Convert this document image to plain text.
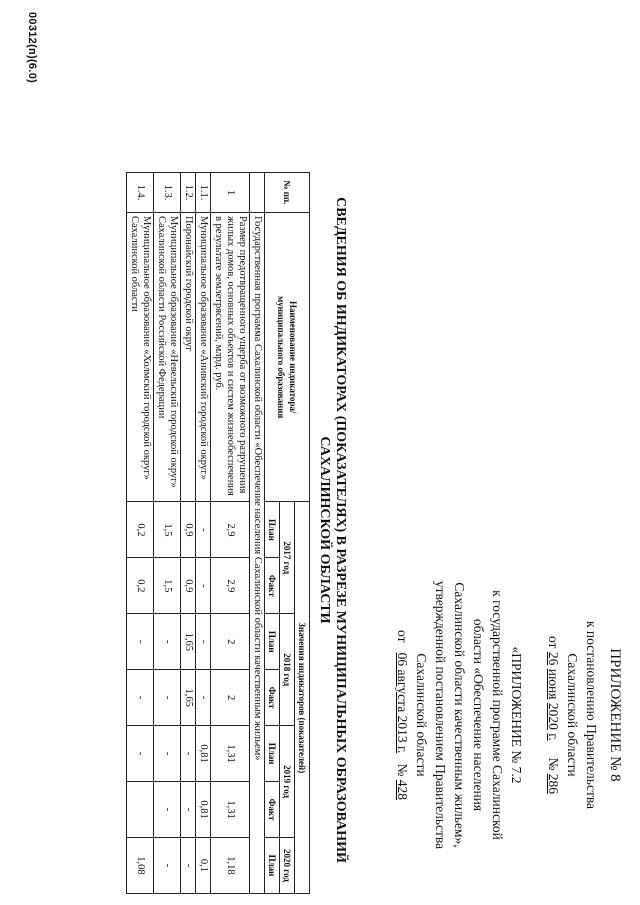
ПРИЛОЖЕНИЕ № 8
к постановлению Правительства
Сахалинской области
от 26 июня 2020 г.     № 286
«ПРИЛОЖЕНИЕ № 7.2
к государственной программе Сахалинской
области «Обеспечение населения
Сахалинской области качественным жильем»,
утвержденной постановлением Правительства
Сахалинской области
от   06 августа 2013 г.   № 428
СВЕДЕНИЯ ОБ ИНДИКАТОРАХ (ПОКАЗАТЕЛЯХ) В РАЗРЕЗЕ МУНИЦИПАЛЬНЫХ ОБРАЗОВАНИЙ САХАЛИНСКОЙ ОБЛАСТИ
№ пп.	Наименование индикатора/
муниципального образования	Значения индикаторов (показателей)						
		2017 год		2018 год		2019 год		2020 год
		План	Факт	План	Факт	План	Факт	План
	Государственная программа Сахалинской области «Обеспечение населения Сахалинской области качественным жильем»							
1	Размер предотвращенного ущерба от возможного разрушения жилых домов, основных объектов и систем жизнеобеспечения в результате землетрясений, млрд. руб.	2,9	2,9	2	2	1,31	1,31	1,18
1.1.	Муниципальное образование «Анивский городской округ»	-	-	-	-	0,81	0,81	0,1
1.2.	Поронайский городской округ	0,9	0,9	1,65	1,65	-	-	-
1.3.	Муниципальное образование «Невельский городской округ» Сахалинской области Российской Федерации	1,5	1,5	-	-	-	-	-
1.4.	Муниципальное образование «Холмский городской округ» Сахалинской области	0,2	0,2	-	-	-		1,08
00312(п)(6.0)
